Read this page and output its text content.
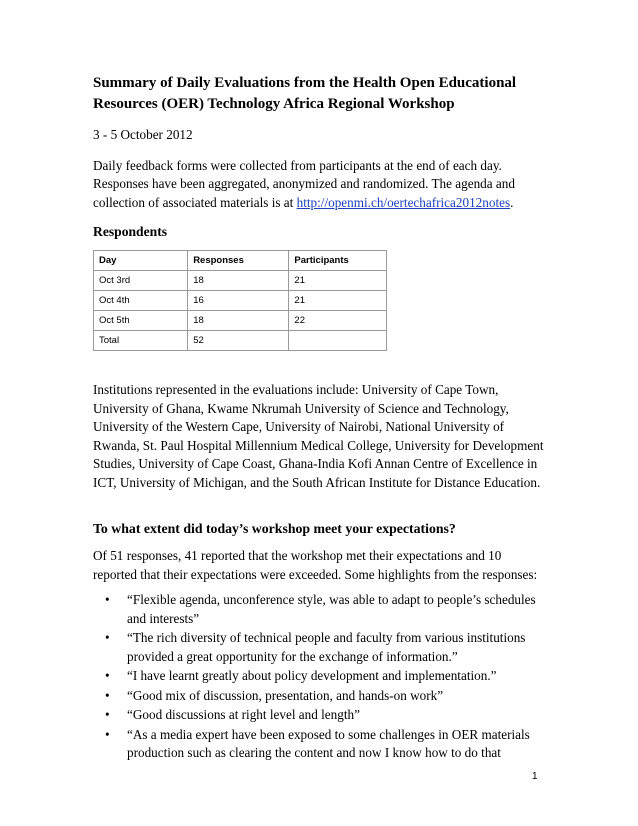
Summary of Daily Evaluations from the Health Open Educational Resources (OER) Technology Africa Regional Workshop

3 - 5 October 2012

Daily feedback forms were collected from participants at the end of each day. Responses have been aggregated, anonymized and randomized. The agenda and collection of associated materials is at http://openmi.ch/oertechafrica2012notes.

Respondents
Day	Responses	Participants
Oct 3rd	18	21
Oct 4th	16	21
Oct 5th	18	22
Total	52	

Institutions represented in the evaluations include: University of Cape Town, University of Ghana, Kwame Nkrumah University of Science and Technology, University of the Western Cape, University of Nairobi, National University of Rwanda, St. Paul Hospital Millennium Medical College, University for Development Studies, University of Cape Coast, Ghana-India Kofi Annan Centre of Excellence in ICT, University of Michigan, and the South African Institute for Distance Education.

To what extent did today’s workshop meet your expectations?

Of 51 responses, 41 reported that the workshop met their expectations and 10 reported that their expectations were exceeded. Some highlights from the responses:

• “Flexible agenda, unconference style, was able to adapt to people’s schedules and interests”
• “The rich diversity of technical people and faculty from various institutions provided a great opportunity for the exchange of information.”
• “I have learnt greatly about policy development and implementation.”
• “Good mix of discussion, presentation, and hands-on work”
• “Good discussions at right level and length”
• “As a media expert have been exposed to some challenges in OER materials production such as clearing the content and now I know how to do that
1
